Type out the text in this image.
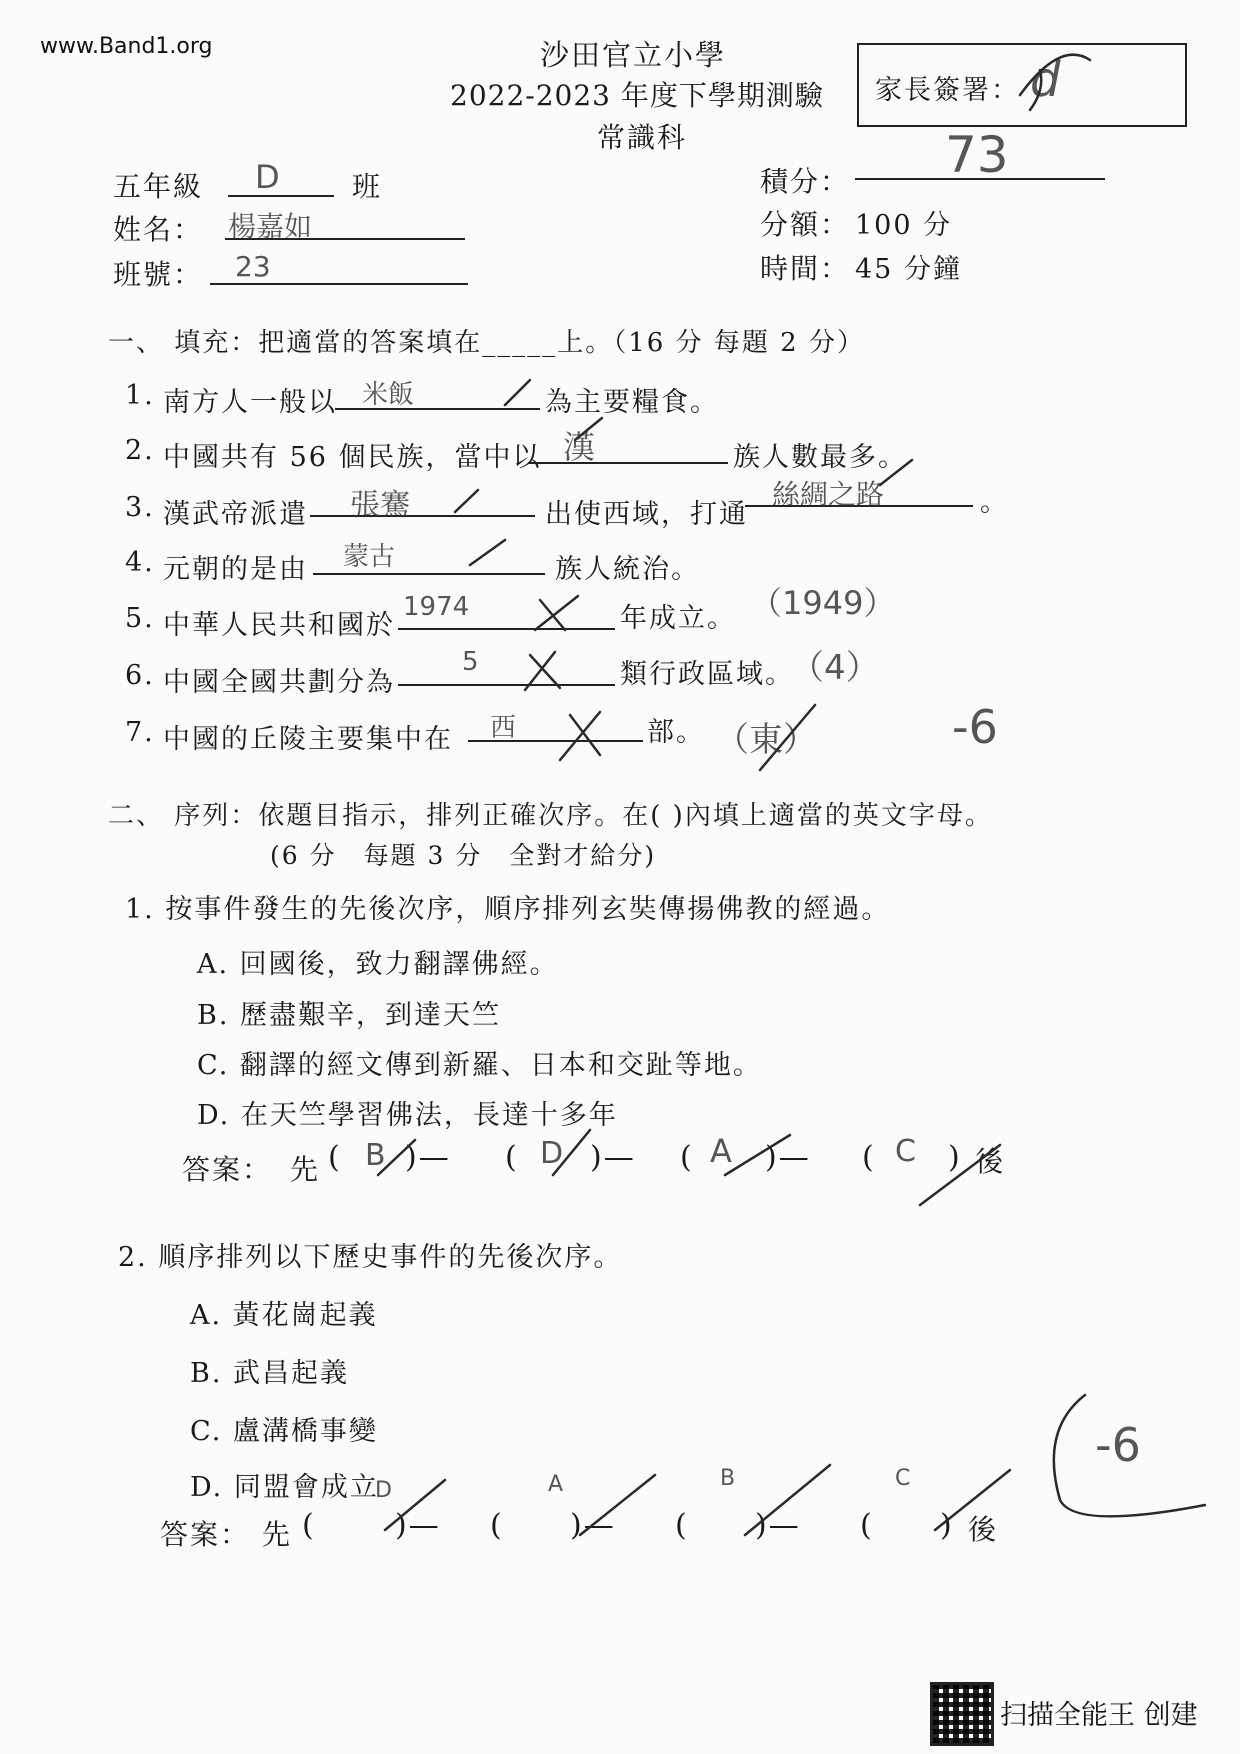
www.Band1.org	沙田官立小學
2022-2023 年度下學期測驗
常識科
家長簽署： d
五年級 D	班
姓名： 楊嘉如
班號： 23
積分： 73
分額： 100 分
時間： 45 分鐘
一、 填充：把適當的答案填在_____上。（16 分 每題 2 分）
1. 南方人一般以 米飯	為主要糧食。
2. 中國共有 56 個民族，當中以 漢	族人數最多。
3. 漢武帝派遣 張騫	出使西域，打通
絲綢之路	。
4. 元朝的是由 蒙古	族人統治。
5. 中華人民共和國於
1974	年成立。 （1949）
6. 中國全國共劃分為
5	類行政區域。
（4）
7. 中國的丘陵主要集中在 西	部。 （東）	-6
二、 序列：依題目指示，排列正確次序。在( )內填上適當的英文字母。
(6 分　每題 3 分　全對才給分)
1. 按事件發生的先後次序，順序排列玄奘傳揚佛教的經過。
A. 回國後，致力翻譯佛經。
B. 歷盡艱辛，到達天竺
C. 翻譯的經文傳到新羅、日本和交趾等地。
D. 在天竺學習佛法，長達十多年
答案： 先 ( B )— ( D )— ( A )— ( C ) 後
2. 順序排列以下歷史事件的先後次序。
A. 黃花崗起義
B. 武昌起義
C. 盧溝橋事變
D. 同盟會成立
答案： 先 (
D
)— (
A
)— (
B
)— (
C
) 後
-6
扫描全能王 创建
